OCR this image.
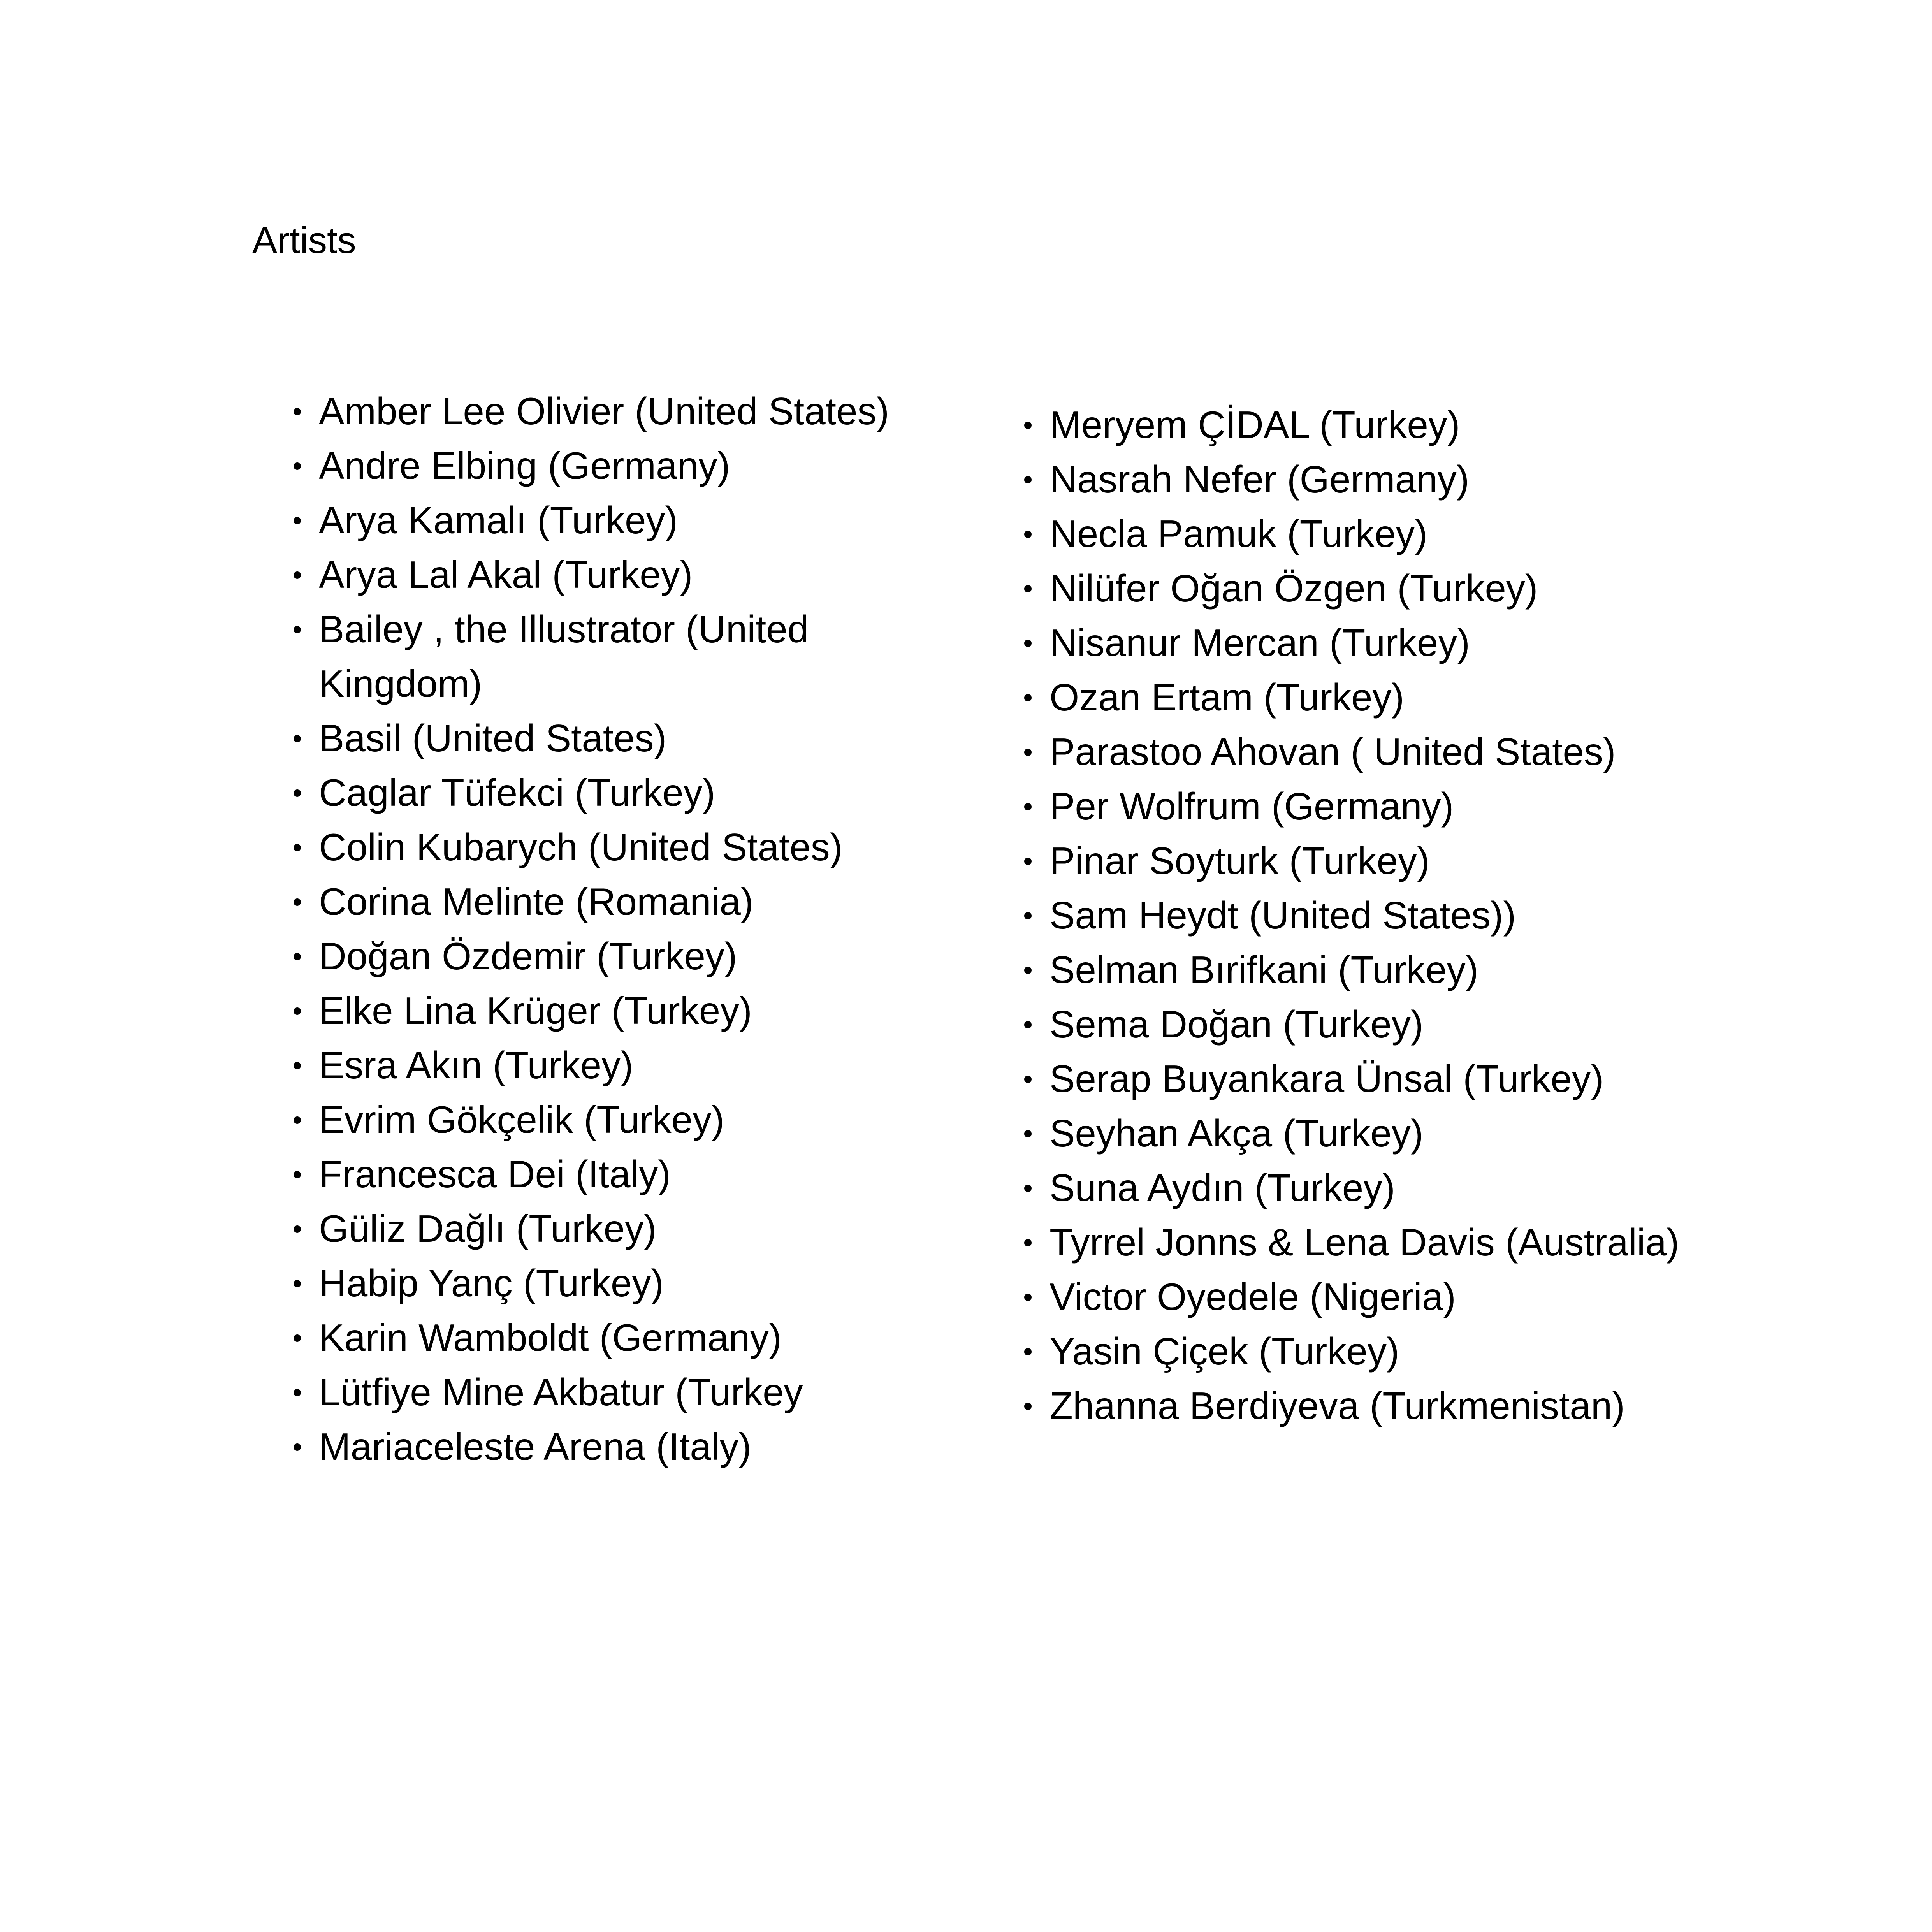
Artists
Amber Lee Olivier (United States)
Andre Elbing (Germany)
Arya Kamalı (Turkey)
Arya Lal Akal (Turkey)
Bailey , the Illustrator (United Kingdom)
Basil (United States)
Caglar Tüfekci (Turkey)
Colin Kubarych (United States)
Corina Melinte (Romania)
Doğan Özdemir (Turkey)
Elke Lina Krüger (Turkey)
Esra Akın (Turkey)
Evrim Gökçelik (Turkey)
Francesca Dei (Italy)
Güliz Dağlı (Turkey)
Habip Yanç (Turkey)
Karin Wamboldt (Germany)
Lütfiye Mine Akbatur (Turkey
Mariaceleste Arena (Italy)
Meryem ÇİDAL (Turkey)
Nasrah Nefer (Germany)
Necla Pamuk (Turkey)
Nilüfer Oğan Özgen (Turkey)
Nisanur Mercan (Turkey)
Ozan Ertam (Turkey)
Parastoo Ahovan ( United States)
Per Wolfrum (Germany)
Pinar Soyturk (Turkey)
Sam Heydt (United States))
Selman Bırifkani (Turkey)
Sema Doğan (Turkey)
Serap Buyankara Ünsal (Turkey)
Seyhan Akça (Turkey)
Suna Aydın (Turkey)
Tyrrel Jonns & Lena Davis (Australia)
Victor Oyedele (Nigeria)
Yasin Çiçek (Turkey)
Zhanna Berdiyeva (Turkmenistan)
